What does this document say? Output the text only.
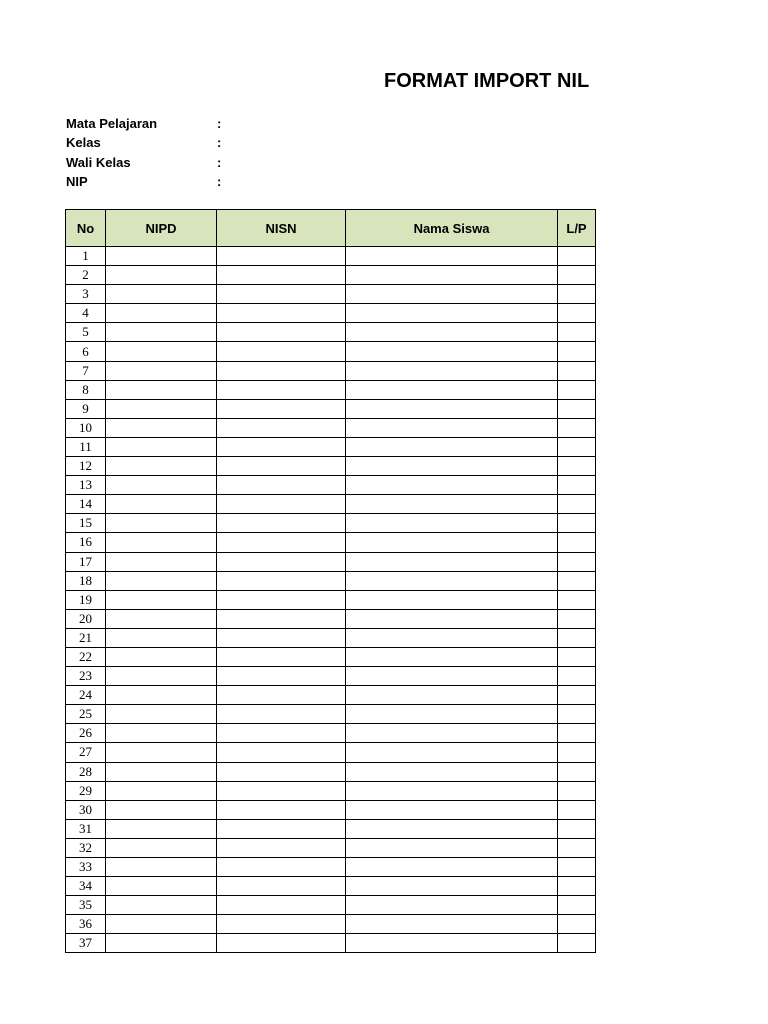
FORMAT IMPORT NIL
Mata Pelajaran	:
Kelas	:
Wali Kelas	:
NIP	:
No	NIPD	NISN	Nama Siswa	L/P
1				
2				
3				
4				
5				
6				
7				
8				
9				
10				
11				
12				
13				
14				
15				
16				
17				
18				
19				
20				
21				
22				
23				
24				
25				
26				
27				
28				
29				
30				
31				
32				
33				
34				
35				
36				
37				
